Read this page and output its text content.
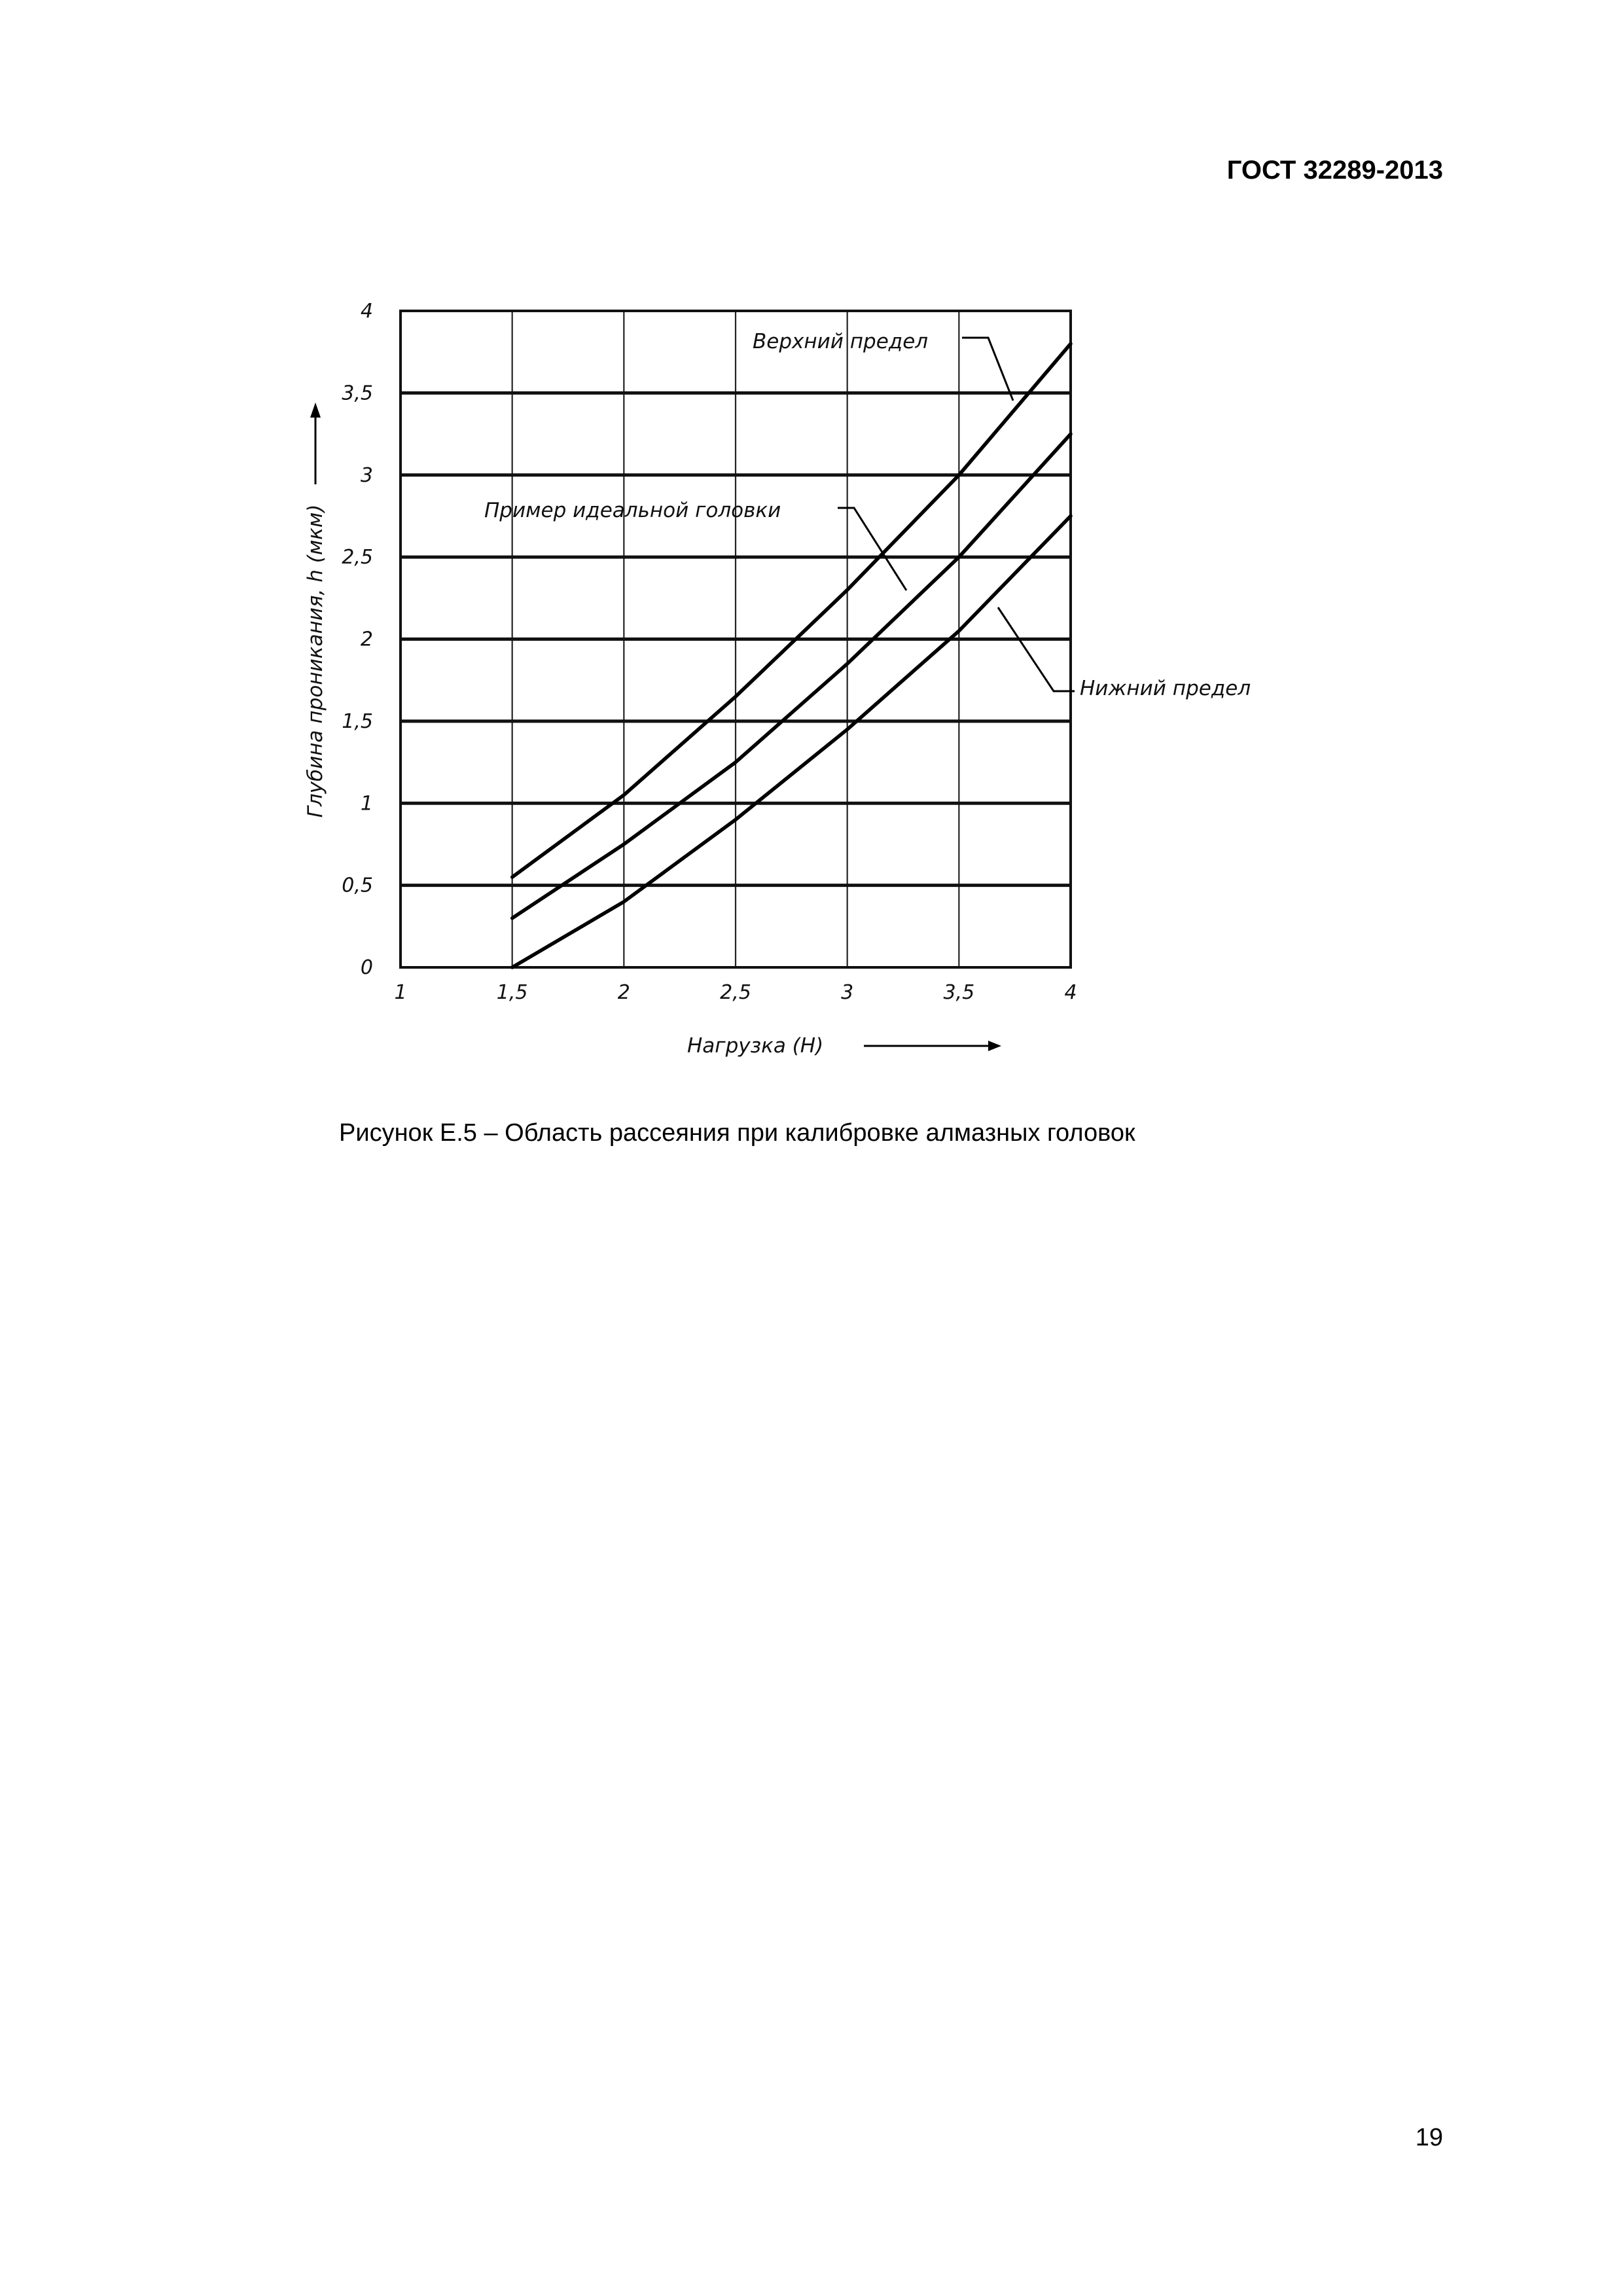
ГОСТ 32289-2013
1	1,5	2	2,5	3	3,5	4
0
0,5
1
1,5
2
2,5
3
3,5
4
Верхний предел
Пример идеальной головки
Нижний предел
Нагрузка (Н)
Глубина проникания, h (мкм)
Рисунок Е.5 – Область рассеяния при калибровке алмазных головок
19
